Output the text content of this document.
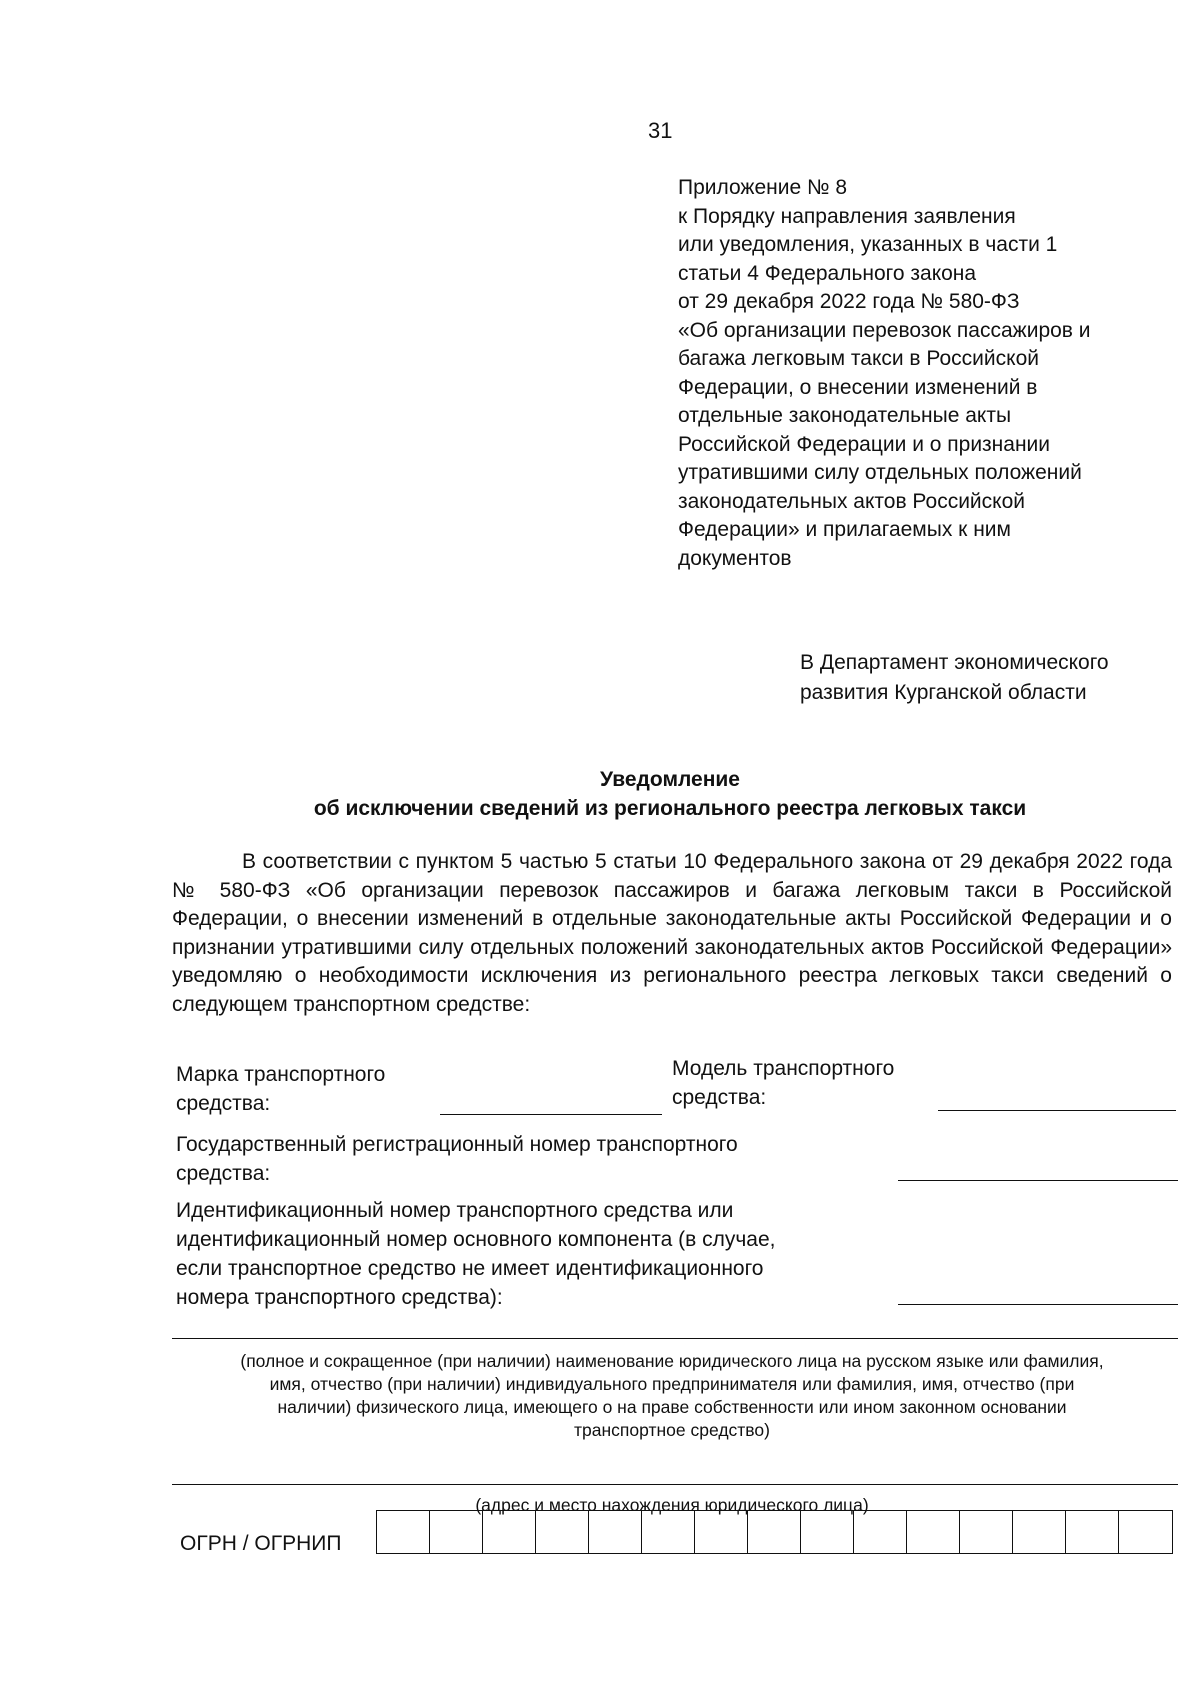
31
Приложение № 8
к Порядку направления заявления
или уведомления, указанных в части 1
статьи 4 Федерального закона
от 29 декабря 2022 года № 580-ФЗ
«Об организации перевозок пассажиров и
багажа легковым такси в Российской
Федерации, о внесении изменений в
отдельные законодательные акты
Российской Федерации и о признании
утратившими силу отдельных положений
законодательных актов Российской
Федерации» и прилагаемых к ним
документов
В Департамент экономического
развития Курганской области
Уведомление
об исключении сведений из регионального реестра легковых такси

В соответствии с пунктом 5 частью 5 статьи 10 Федерального закона от 29 декабря 2022 года № 580-ФЗ «Об организации перевозок пассажиров и багажа легковым такси в Российской Федерации, о внесении изменений в отдельные законодательные акты Российской Федерации и о признании утратившими силу отдельных положений законодательных актов Российской Федерации» уведомляю о необходимости исключения из регионального реестра легковых такси сведений о следующем транспортном средстве:

Марка транспортного
средства:
Модель транспортного
средства:
Государственный регистрационный номер транспортного
средства:
Идентификационный номер транспортного средства или
идентификационный номер основного компонента (в случае,
если транспортное средство не имеет идентификационного
номера транспортного средства):
(полное и сокращенное (при наличии) наименование юридического лица на русском языке или фамилия,
имя, отчество (при наличии) индивидуального предпринимателя или фамилия, имя, отчество (при
наличии) физического лица, имеющего о на праве собственности или ином законном основании
транспортное средство)
(адрес и место нахождения юридического лица)
ОГРН / ОГРНИП
